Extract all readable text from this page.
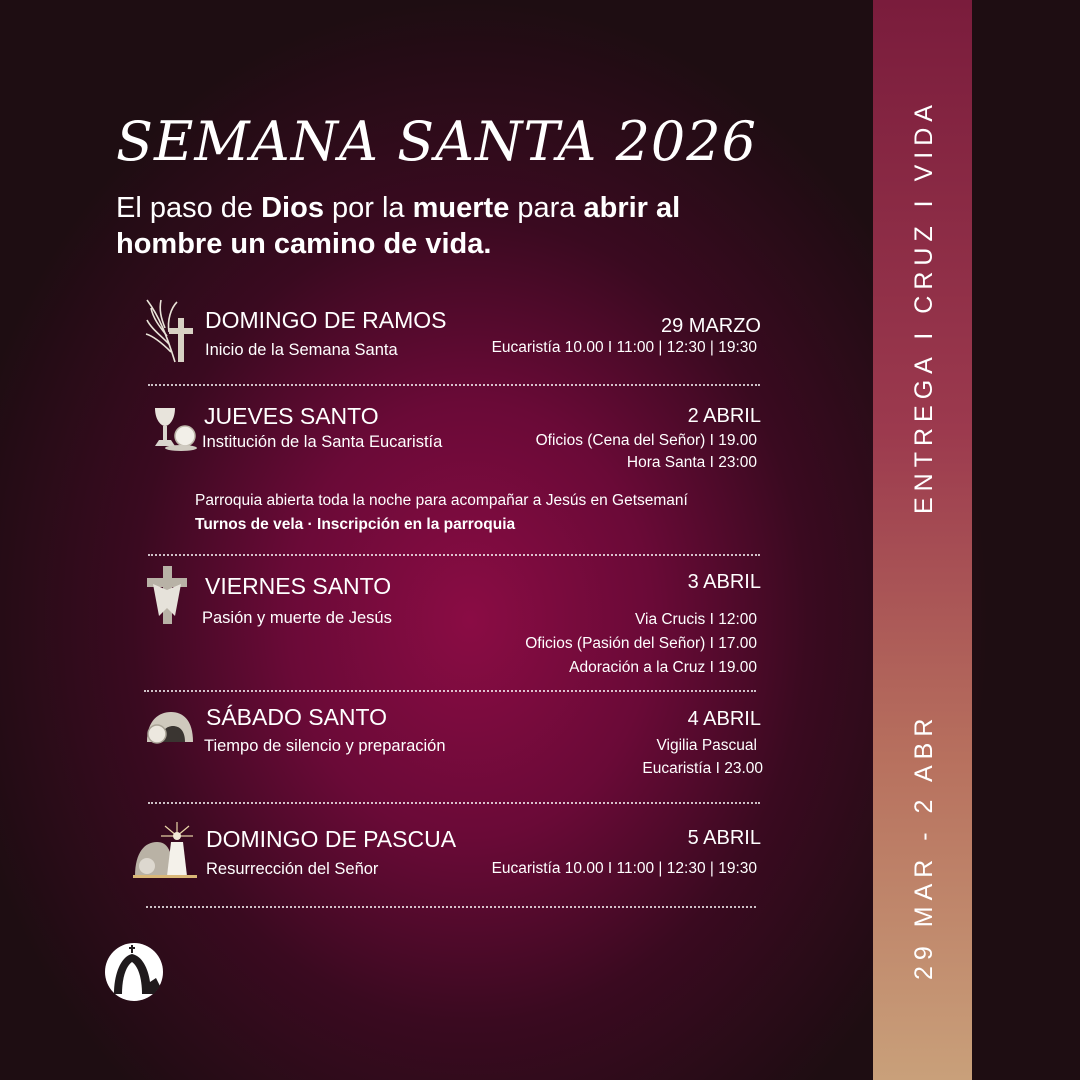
SEMANA SANTA 2026

El paso de Dios por la muerte para abrir al hombre un camino de vida.

DOMINGO DE RAMOS
Inicio de la Semana Santa
29 MARZO
Eucaristía 10.00 I 11:00 | 12:30 | 19:30
JUEVES SANTO
Institución de la Santa Eucaristía
2 ABRIL
Oficios (Cena del Señor) I 19.00
Hora Santa I 23:00
Parroquia abierta toda la noche para acompañar a Jesús en Getsemaní
Turnos de vela · Inscripción en la parroquia
VIERNES SANTO
Pasión y muerte de Jesús
3 ABRIL
Via Crucis I 12:00
Oficios (Pasión del Señor) I 17.00
Adoración a la Cruz I 19.00
SÁBADO SANTO
Tiempo de silencio y preparación
4 ABRIL
Vigilia Pascual
Eucaristía I 23.00
DOMINGO DE PASCUA
Resurrección del Señor
5 ABRIL
Eucaristía 10.00 I 11:00 | 12:30 | 19:30
ENTREGA I CRUZ I VIDA
29 MAR - 2 ABR
